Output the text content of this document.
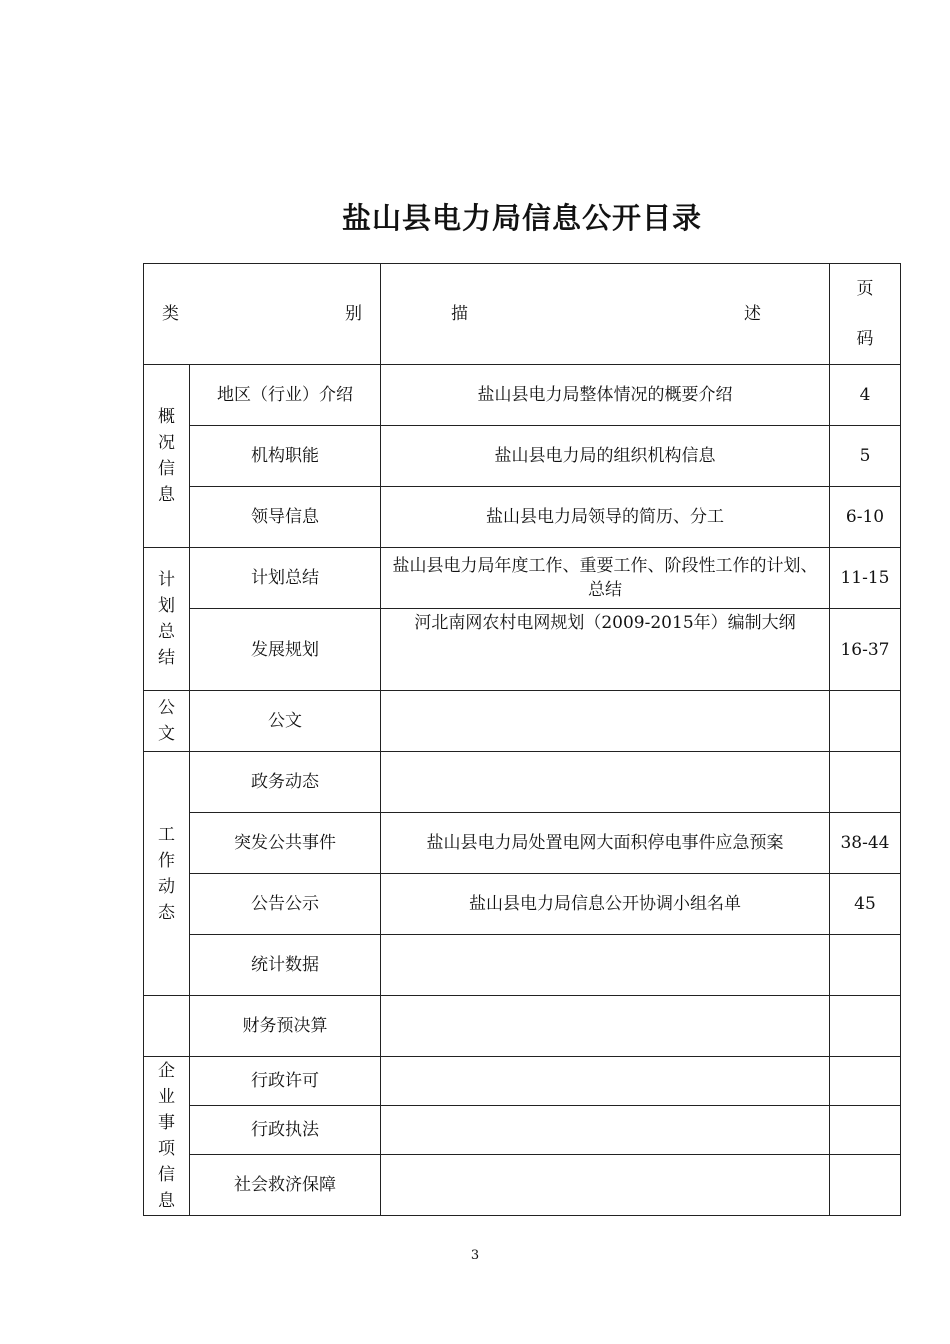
盐山县电力局信息公开目录
类 别		描 述	页码

概况信息	地区（行业）介绍	盐山县电力局整体情况的概要介绍	4
	机构职能	盐山县电力局的组织机构信息	5
	领导信息	盐山县电力局领导的简历、分工	6-10

计划总结	计划总结	盐山县电力局年度工作、重要工作、阶段性工作的计划、总结	11-15
	发展规划	河北南网农村电网规划（2009-2015年）编制大纲	16-37

公文	公文		

工作动态	政务动态		
	突发公共事件	盐山县电力局处置电网大面积停电事件应急预案	38-44
	公告公示	盐山县电力局信息公开协调小组名单	45
	统计数据		
	财务预决算		

企业事项信息	行政许可		
	行政执法		
	社会救济保障		
3
